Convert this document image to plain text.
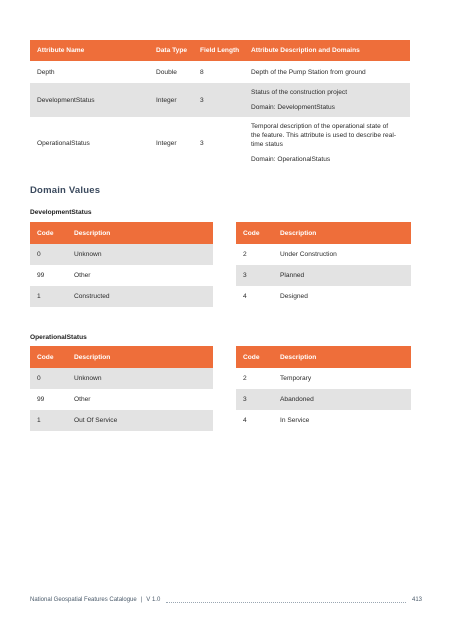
Attribute Name	Data Type	Field Length	Attribute Description and Domains
Depth	Double	8	Depth of the Pump Station from ground

DevelopmentStatus	Integer	3	Status of the construction project
Domain: DevelopmentStatus

OperationalStatus	Integer	3	Temporal description of the operational state of
the feature. This attribute is used to describe real-
time status
Domain: OperationalStatus
Domain Values
DevelopmentStatus
Code	Description
0	Unknown
99	Other
1	Constructed
Code	Description
2	Under Construction
3	Planned
4	Designed
OperationalStatus
Code	Description
0	Unknown
99	Other
1	Out Of Service
Code	Description
2	Temporary
3	Abandoned
4	In Service
National Geospatial Features Catalogue | V 1.0	413
